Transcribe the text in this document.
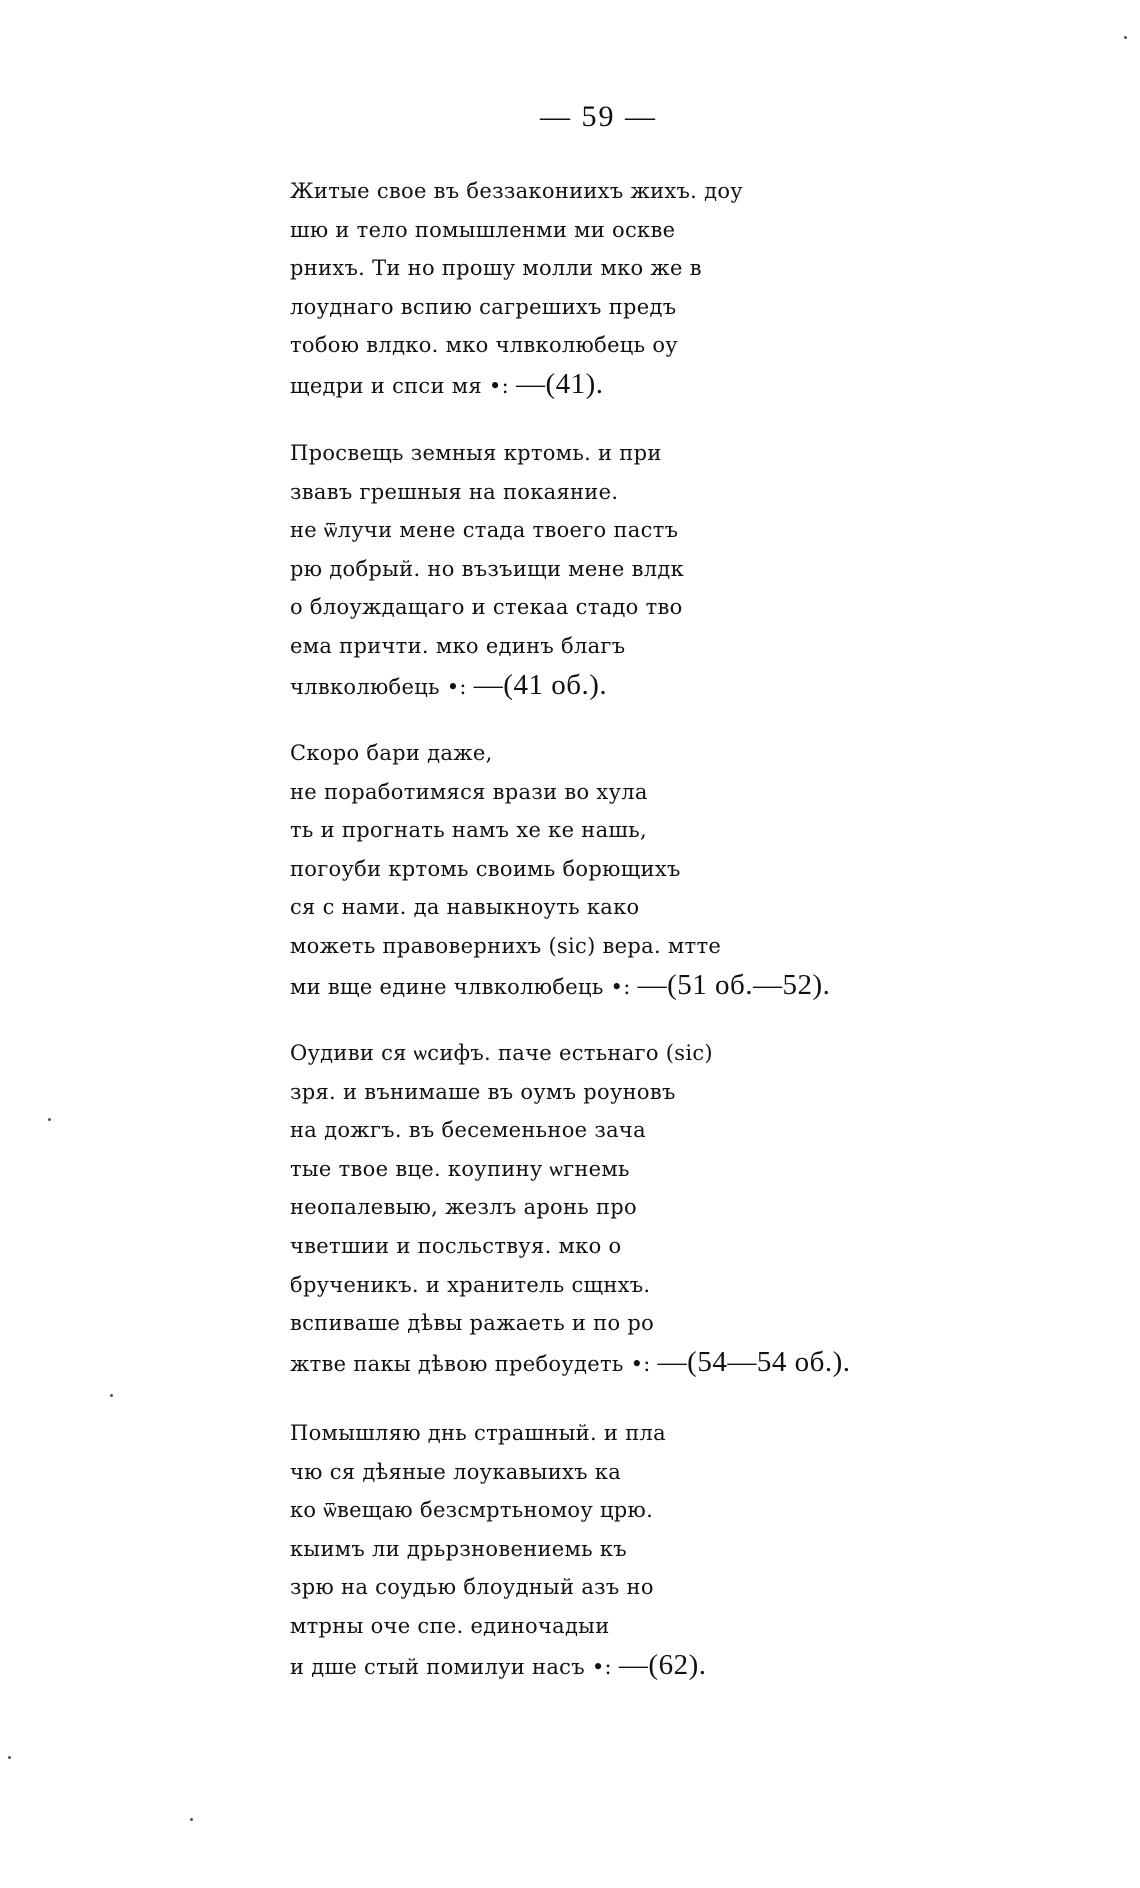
— 59 —
Житые свое въ беззакониихъ жихъ. доу
шю и тело помышленми ми оскве
рнихъ. Ти но прошу молли мко же в
лоуднаго вспию сагрешихъ предъ
тобою влдко. мко члвколюбець оу
щедри и спси мя •: —(41).
Просвещь земныя кртомь. и при
звавъ грешныя на покаяние.
не ѿлучи мене стада твоего пастъ
рю добрый. но възъищи мене влдк
о блоуждащаго и стекаа стадо тво
ема причти. мко единъ благъ
члвколюбець •: —(41 об.).
Скоро бари даже,
не поработимяся врази во хула
ть и прогнать намъ хе ке нашь,
погоуби кртомь своимь борющихъ
ся с нами. да навыкноуть како
можеть правовернихъ (sic) вера. мтте
ми вще едине члвколюбець •: —(51 об.—52).
Оудиви ся ѡсифъ. паче естьнаго (sic)
зря. и вънимаше въ оумъ роуновъ
на дожгъ. въ бесеменьное зача
тые твое вце. коупину ѡгнемь
неопалевыю, жезлъ аронь про
чветшии и посльствуя. мко о
брученикъ. и хранитель сщнхъ.
вспиваше дѣвы ражаеть и по ро
жтве пакы дѣвою пребоудеть •: —(54—54 об.).
Помышляю днь страшный. и пла
чю ся дѣяные лоукавыихъ ка
ко ѿвещаю безсмртьномоу црю.
кыимъ ли дрьрзновениемь къ
зрю на соудью блоудный азъ но
мтрны оче спе. единочадыи
и дше стый помилуи насъ •: —(62).
